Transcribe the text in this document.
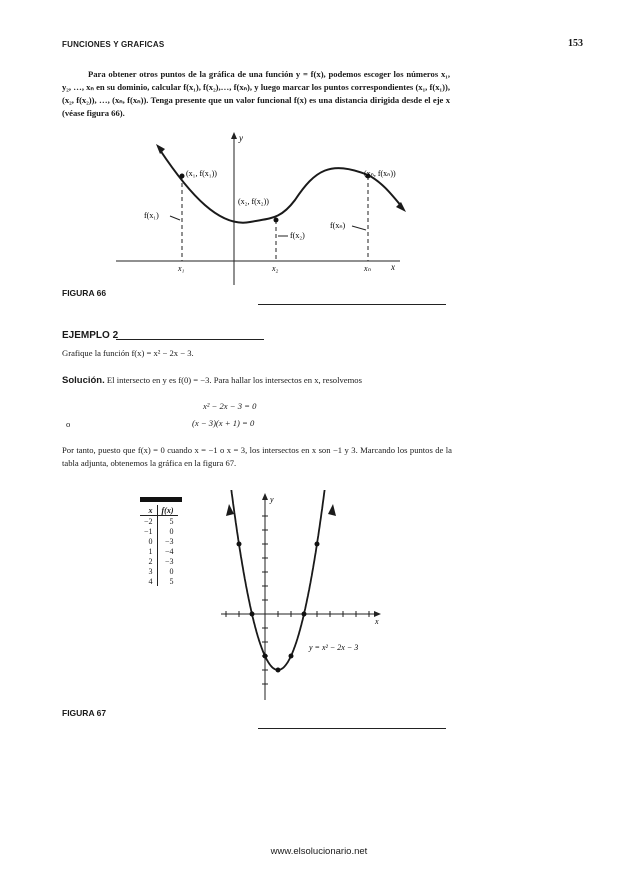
FUNCIONES Y GRAFICAS	153

Para obtener otros puntos de la gráfica de una función y = f(x), podemos escoger los números x₁, y₂, …, xₙ en su dominio, calcular f(x₁), f(x₂),…, f(xₙ), y luego marcar los puntos correspondientes (x₁, f(x₁)), (x₂, f(x₂)), …, (xₙ, f(xₙ)). Tenga presente que un valor funcional f(x) es una distancia dirigida desde el eje x (véase figura 66).

y
x
(x₁, f(x₁))
(x₂, f(x₂))
(xₙ, f(xₙ))
f(x₁)
f(x₂)
f(xₙ)
x₁	x₂	xₙ
FIGURA 66
EJEMPLO 2
Grafique la función f(x) = x² − 2x − 3.
Solución. El intersecto en y es f(0) = −3. Para hallar los intersectos en x, resolvemos
x² − 2x − 3 = 0
o	(x − 3)(x + 1) = 0
Por tanto, puesto que f(x) = 0 cuando x = −1 o x = 3, los intersectos en x son −1 y 3. Marcando los puntos de la tabla adjunta, obtenemos la gráfica en la figura 67.
x	f(x)
−2	5
−1	0
0	−3
1	−4
2	−3
3	0
4	5
y
x
y = x² − 2x − 3
FIGURA 67
www.elsolucionario.net
